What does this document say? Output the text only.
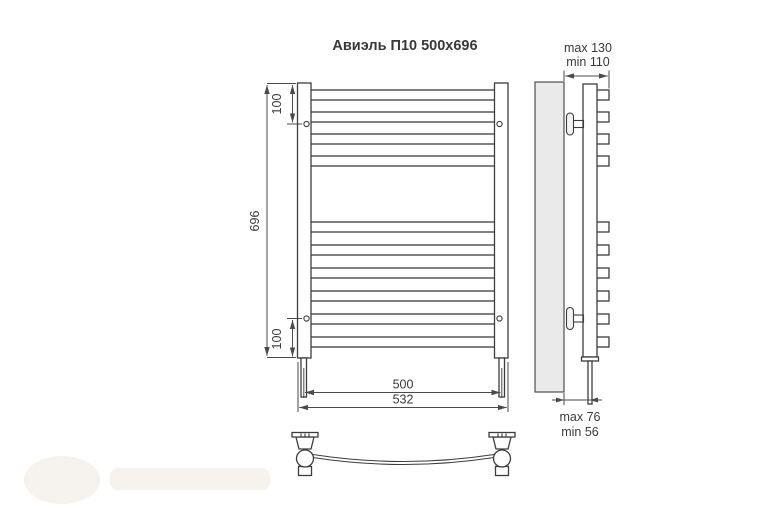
Авиэль П10 500x696
696
100
100
500
532
max 130
min 110
max 76
min 56
